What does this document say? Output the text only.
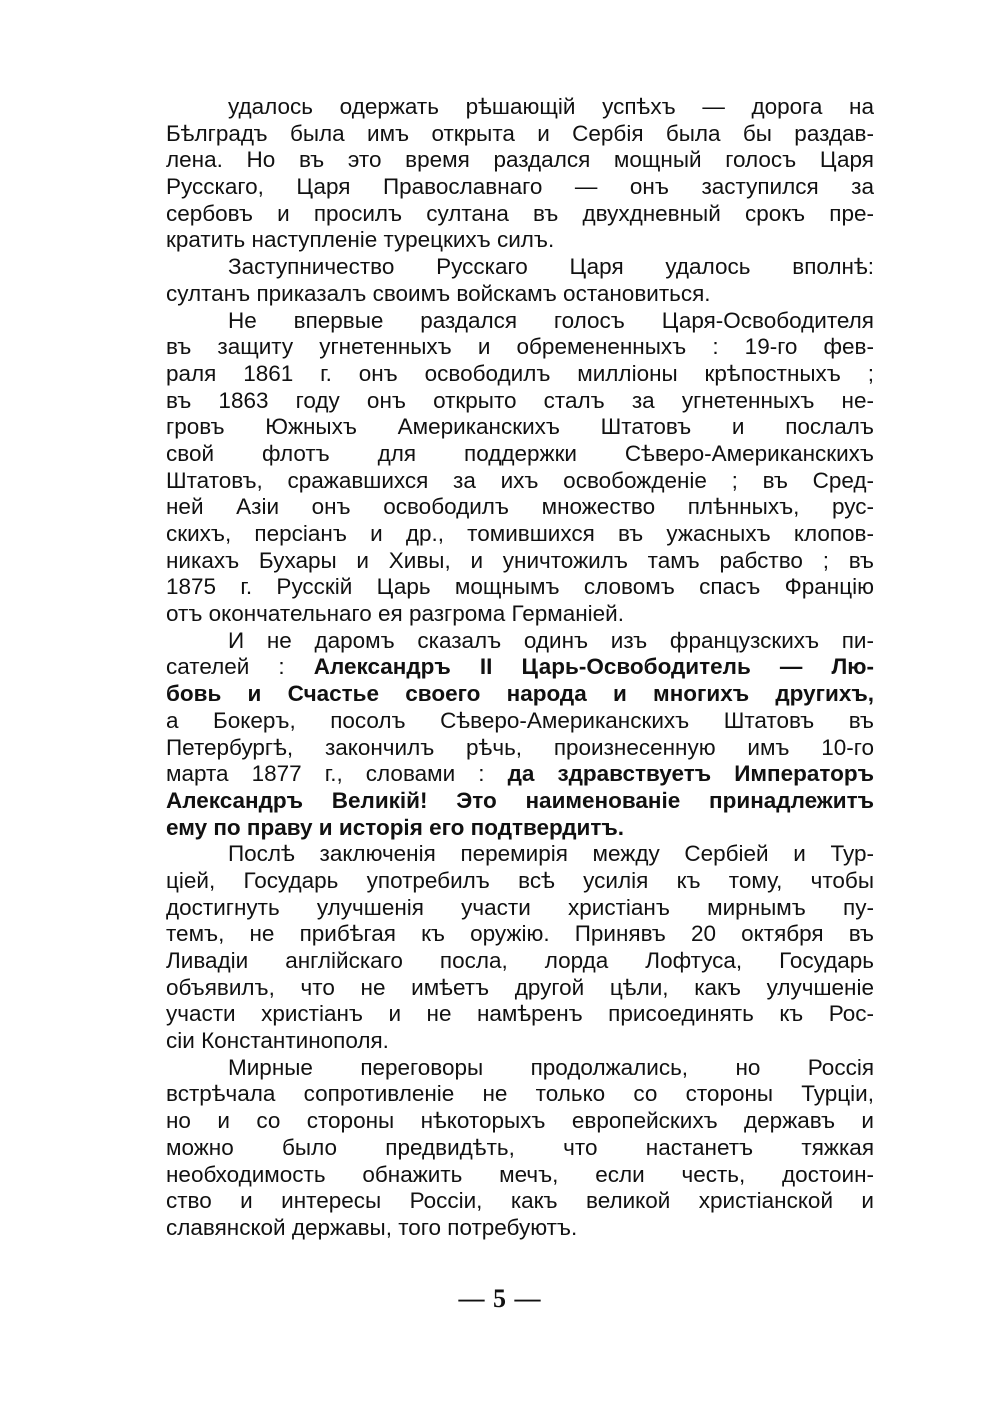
удалось одержать рѣшающій успѣхъ — дорога на
Бѣлградъ была имъ открыта и Сербія была бы раздав-
лена. Но въ это время раздался мощный голосъ Царя
Русскаго, Царя Православнаго — онъ заступился за
сербовъ и просилъ султана въ двухдневный срокъ пре-
кратить наступленіе турецкихъ силъ.
Заступничество Русскаго Царя удалось вполнѣ:
султанъ приказалъ своимъ войскамъ остановиться.
Не впервые раздался голосъ Царя-Освободителя
въ защиту угнетенныхъ и обремененныхъ : 19-го фев-
раля 1861 г. онъ освободилъ милліоны крѣпостныхъ ;
въ 1863 году онъ открыто сталъ за угнетенныхъ не-
гровъ Южныхъ Американскихъ Штатовъ и послалъ
свой флотъ для поддержки Сѣверо-Американскихъ
Штатовъ, сражавшихся за ихъ освобожденіе ; въ Сред-
ней Азіи онъ освободилъ множество плѣнныхъ, рус-
скихъ, персіанъ и др., томившихся въ ужасныхъ клопов-
никахъ Бухары и Хивы, и уничтожилъ тамъ рабство ; въ
1875 г. Русскій Царь мощнымъ словомъ спасъ Францію
отъ окончательнаго ея разгрома Германіей.
И не даромъ сказалъ одинъ изъ французскихъ пи-
сателей : Александръ II Царь-Освободитель — Лю-
бовь и Счастье своего народа и многихъ другихъ,
а Бокеръ, посолъ Сѣверо-Американскихъ Штатовъ въ
Петербургѣ, закончилъ рѣчь, произнесенную имъ 10-го
марта 1877 г., словами : да здравствуетъ Императоръ
Александръ Великій! Это наименованіе принадлежитъ
ему по праву и исторія его подтвердитъ.
Послѣ заключенія перемирія между Сербіей и Тур-
ціей, Государь употребилъ всѣ усилія къ тому, чтобы
достигнуть улучшенія участи христіанъ мирнымъ пу-
темъ, не прибѣгая къ оружію. Принявъ 20 октября въ
Ливадіи англійскаго посла, лорда Лофтуса, Государь
объявилъ, что не имѣетъ другой цѣли, какъ улучшеніе
участи христіанъ и не намѣренъ присоединять къ Рос-
сіи Константинополя.
Мирные переговоры продолжались, но Россія
встрѣчала сопротивленіе не только со стороны Турціи,
но и со стороны нѣкоторыхъ европейскихъ державъ и
можно было предвидѣть, что настанетъ тяжкая
необходимость обнажить мечъ, если честь, достоин-
ство и интересы Россіи, какъ великой христіанской и
славянской державы, того потребуютъ.
— 5 —
